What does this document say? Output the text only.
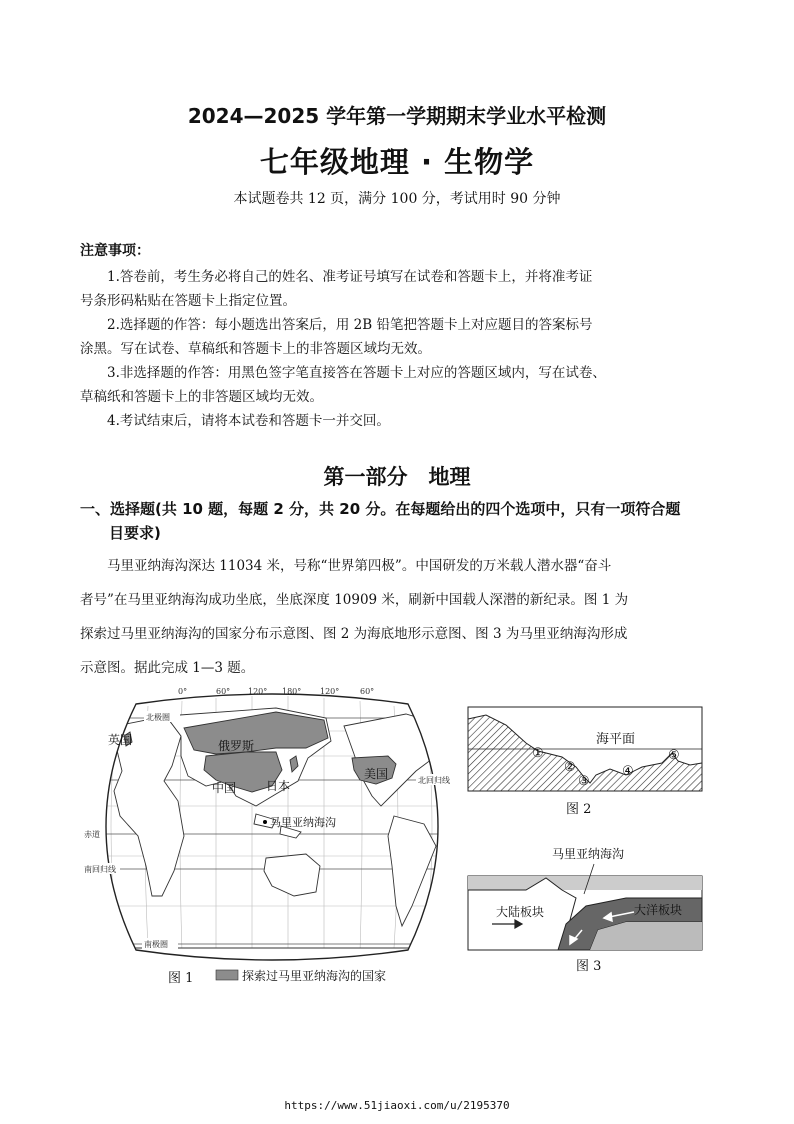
2024—2025 学年第一学期期末学业水平检测
七年级地理 · 生物学
本试题卷共 12 页，满分 100 分，考试用时 90 分钟
注意事项：
1.答卷前，考生务必将自己的姓名、准考证号填写在试卷和答题卡上，并将准考证
号条形码粘贴在答题卡上指定位置。
2.选择题的作答：每小题选出答案后，用 2B 铅笔把答题卡上对应题目的答案标号
涂黑。写在试卷、草稿纸和答题卡上的非答题区域均无效。
3.非选择题的作答：用黑色签字笔直接答在答题卡上对应的答题区域内，写在试卷、
草稿纸和答题卡上的非答题区域均无效。
4.考试结束后，请将本试卷和答题卡一并交回。
第一部分　地理
一、选择题(共 10 题，每题 2 分，共 20 分。在每题给出的四个选项中，只有一项符合题
目要求)
马里亚纳海沟深达 11034 米，号称“世界第四极”。中国研发的万米载人潜水器“奋斗
者号”在马里亚纳海沟成功坐底，坐底深度 10909 米，刷新中国载人深潜的新纪录。图 1 为
探索过马里亚纳海沟的国家分布示意图、图 2 为海底地形示意图、图 3 为马里亚纳海沟形成
示意图。据此完成 1—3 题。
0°	60° 120° 180° 120°	60°
北极圈
北回归线
赤道
南回归线
南极圈
英国	俄罗斯
中国 日本
美国
马里亚纳海沟
图 1	探索过马里亚纳海沟的国家
海平面
①
②
③
④
⑤
图 2
马里亚纳海沟
大陆板块	大洋板块
图 3
https://www.51jiaoxi.com/u/2195370
